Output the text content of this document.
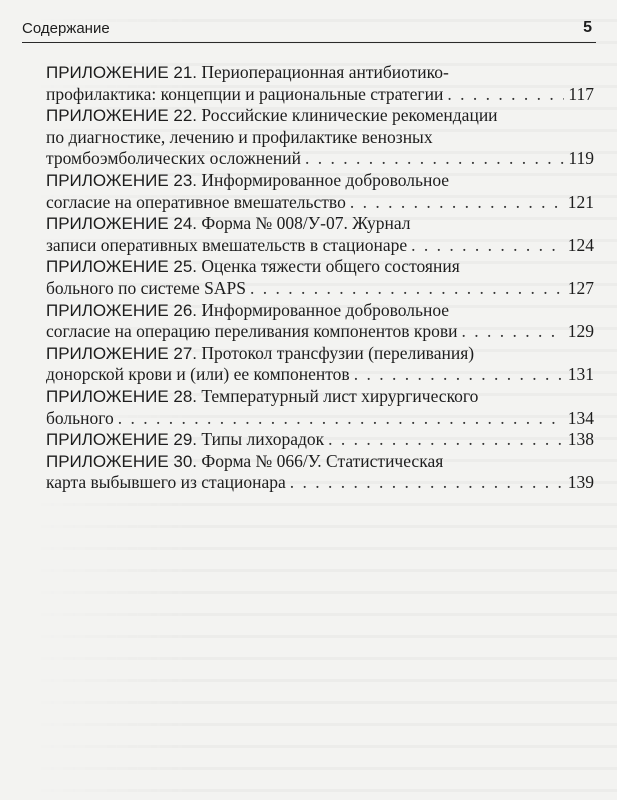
Содержание	5
ПРИЛОЖЕНИЕ 21. Периоперационная антибиотико-
профилактика: концепции и рациональные стратегии . . .	117
ПРИЛОЖЕНИЕ 22. Российские клинические рекомендации
по диагностике, лечению и профилактике венозных
тромбоэмболических осложнений . . .	119
ПРИЛОЖЕНИЕ 23. Информированное добровольное
согласие на оперативное вмешательство . . .	121
ПРИЛОЖЕНИЕ 24. Форма № 008/У-07. Журнал
записи оперативных вмешательств в стационаре . . .	124
ПРИЛОЖЕНИЕ 25. Оценка тяжести общего состояния
больного по системе SAPS . . .	127
ПРИЛОЖЕНИЕ 26. Информированное добровольное
согласие на операцию переливания компонентов крови . . .	129
ПРИЛОЖЕНИЕ 27. Протокол трансфузии (переливания)
донорской крови и (или) ее компонентов . . .	131
ПРИЛОЖЕНИЕ 28. Температурный лист хирургического
больного . . .	134
ПРИЛОЖЕНИЕ 29. Типы лихорадок . . .	138
ПРИЛОЖЕНИЕ 30. Форма № 066/У. Статистическая
карта выбывшего из стационара . . .	139
